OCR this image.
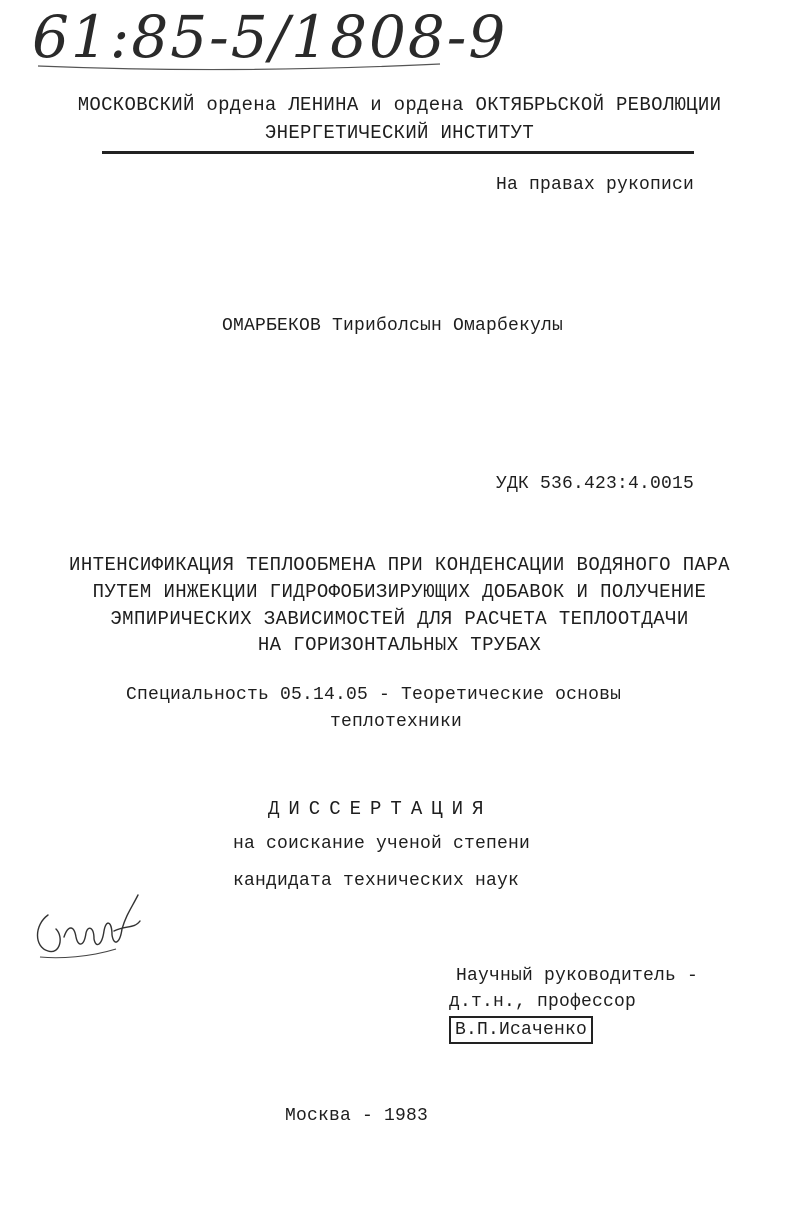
61:85-5/1808-9
МОСКОВСКИЙ ордена ЛЕНИНА и ордена ОКТЯБРЬСКОЙ РЕВОЛЮЦИИ
ЭНЕРГЕТИЧЕСКИЙ ИНСТИТУТ
На правах рукописи
ОМАРБЕКОВ Тириболсын Омарбекулы
УДК 536.423:4.0015
ИНТЕНСИФИКАЦИЯ ТЕПЛООБМЕНА ПРИ КОНДЕНСАЦИИ ВОДЯНОГО ПАРА
ПУТЕМ ИНЖЕКЦИИ ГИДРОФОБИЗИРУЮЩИХ ДОБАВОК И ПОЛУЧЕНИЕ
ЭМПИРИЧЕСКИХ ЗАВИСИМОСТЕЙ ДЛЯ РАСЧЕТА ТЕПЛООТДАЧИ
НА ГОРИЗОНТАЛЬНЫХ ТРУБАХ
Специальность 05.14.05 - Теоретические основы
теплотехники
ДИССЕРТАЦИЯ
на соискание ученой степени
кандидата технических наук
Научный руководитель -
д.т.н., профессор
В.П.Исаченко
Москва - 1983
